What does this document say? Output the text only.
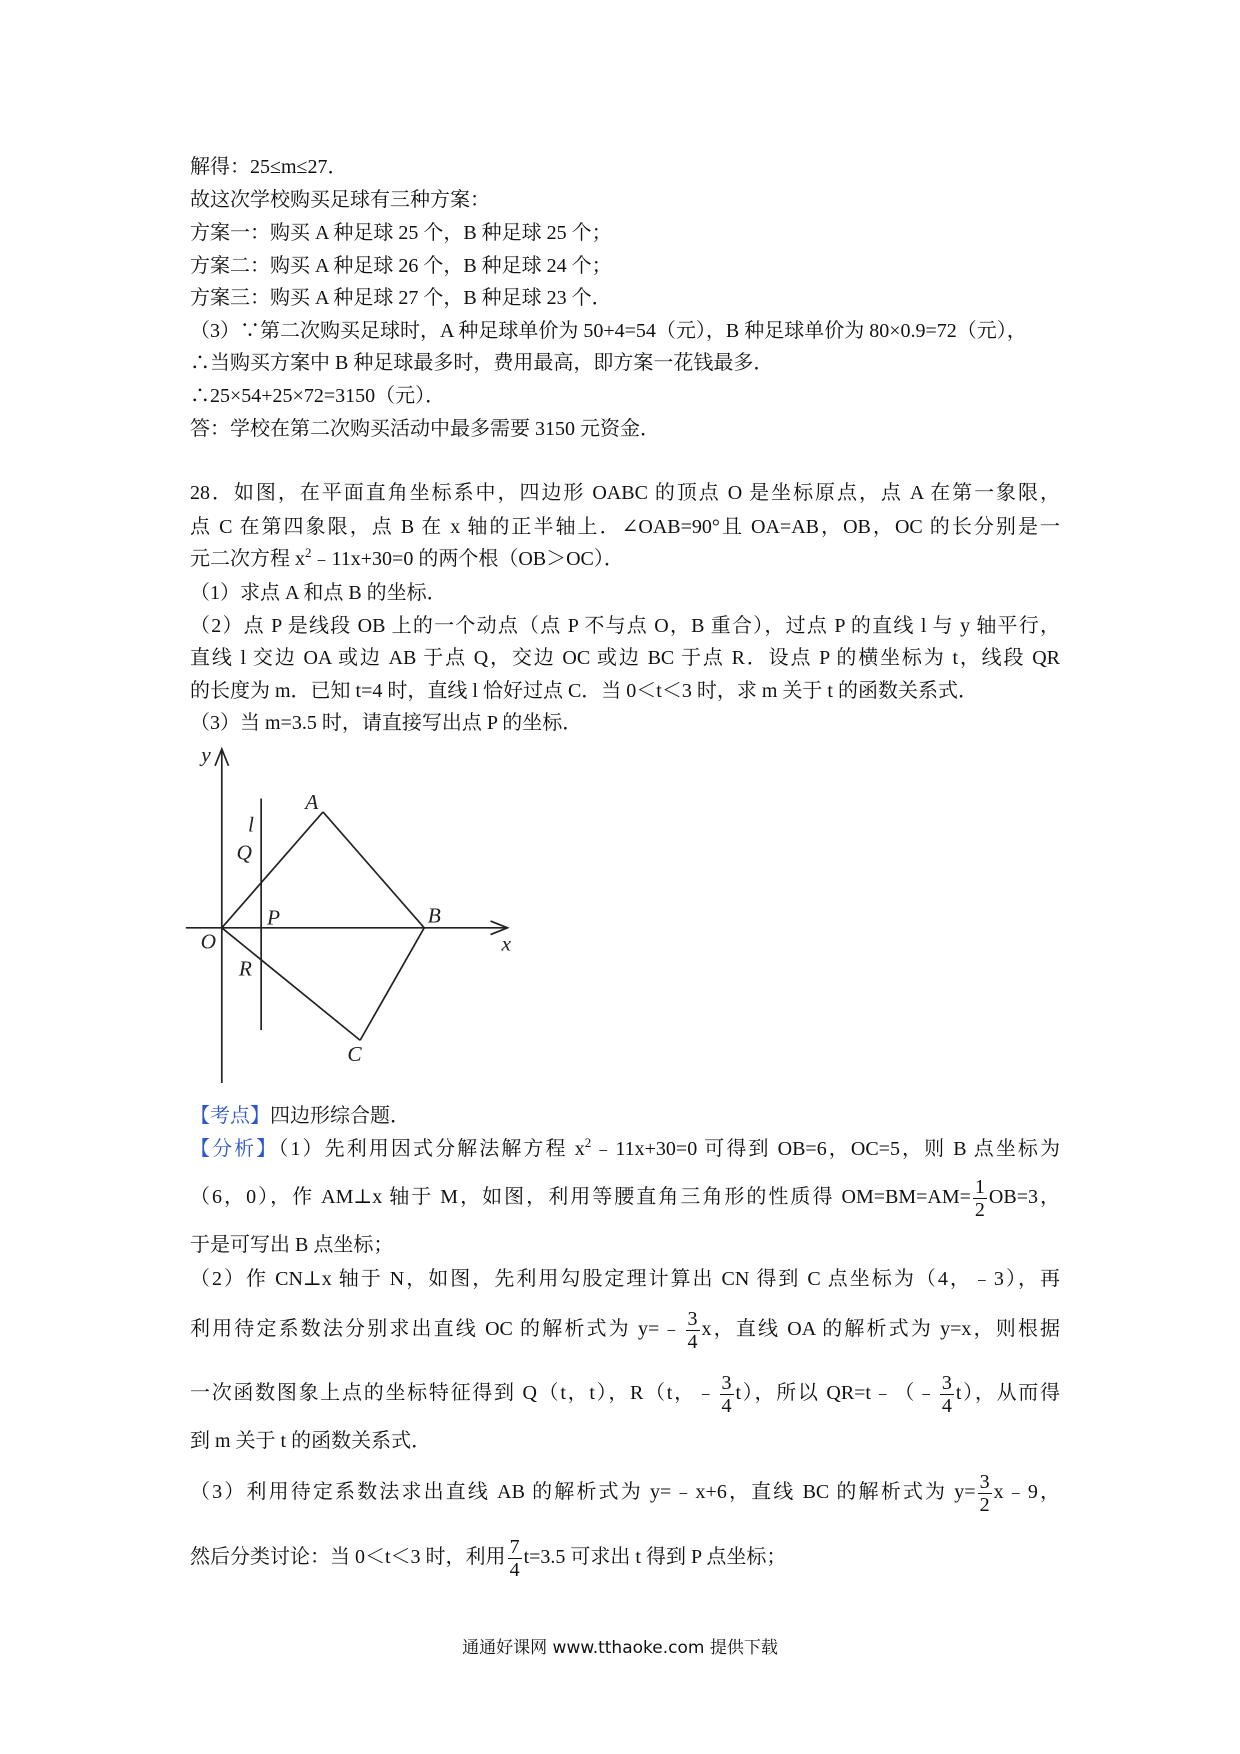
解得：25≤m≤27．
故这次学校购买足球有三种方案：
方案一：购买 A 种足球 25 个，B 种足球 25 个；
方案二：购买 A 种足球 26 个，B 种足球 24 个；
方案三：购买 A 种足球 27 个，B 种足球 23 个．
（3）∵第二次购买足球时，A 种足球单价为 50+4=54（元），B 种足球单价为 80×0.9=72（元），
∴当购买方案中 B 种足球最多时，费用最高，即方案一花钱最多．
∴25×54+25×72=3150（元）．
答：学校在第二次购买活动中最多需要 3150 元资金．
28．如图，在平面直角坐标系中，四边形 OABC 的顶点 O 是坐标原点，点 A 在第一象限，
点 C 在第四象限，点 B 在 x 轴的正半轴上．∠OAB=90°且 OA=AB，OB，OC 的长分别是一
元二次方程 $x^2﹣11x+30=0$ 的两个根（OB＞OC）．
（1）求点 A 和点 B 的坐标．
（2）点 P 是线段 OB 上的一个动点（点 P 不与点 O，B 重合），过点 P 的直线 l 与 y 轴平行，
直线 l 交边 OA 或边 AB 于点 Q，交边 OC 或边 BC 于点 R．设点 P 的横坐标为 t，线段 QR
的长度为 m．已知 t=4 时，直线 l 恰好过点 C．当 0＜t＜3 时，求 m 关于 t 的函数关系式．
（3）当 m=3.5 时，请直接写出点 P 的坐标．
y
x
O
A
B
C
l
Q
P
R
【考点】四边形综合题．
【分析】（1）先利用因式分解法解方程 $x^2﹣11x+30=0$ 可得到 OB=6，OC=5，则 B 点坐标为
（6，0），作 AM⊥x 轴于 M，如图，利用等腰直角三角形的性质得 $OM=BM=AM= \frac{1}{2} OB=3$，
于是可写出 B 点坐标；
（2）作 CN⊥x 轴于 N，如图，先利用勾股定理计算出 CN 得到 C 点坐标为（4，﹣3），再
利用待定系数法分别求出直线 OC 的解析式为 y=﹣ $\frac{3}{4}$ x，直线 OA 的解析式为 y=x，则根据
一次函数图象上点的坐标特征得到 Q（t，t），R（t，﹣ $\frac{3}{4} t$），所以 QR=t﹣（﹣ $\frac{3}{4} t$），从而得
到 m 关于 t 的函数关系式．
（3）利用待定系数法求出直线 AB 的解析式为 y=﹣x+6，直线 BC 的解析式为 $y= \frac{3}{2}$ x﹣9，
然后分类讨论：当 0＜t＜3 时，利用 $\frac{7}{4} t=3.5$ 可求出 t 得到 P 点坐标；
通通好课网 www.tthaoke.com 提供下载
